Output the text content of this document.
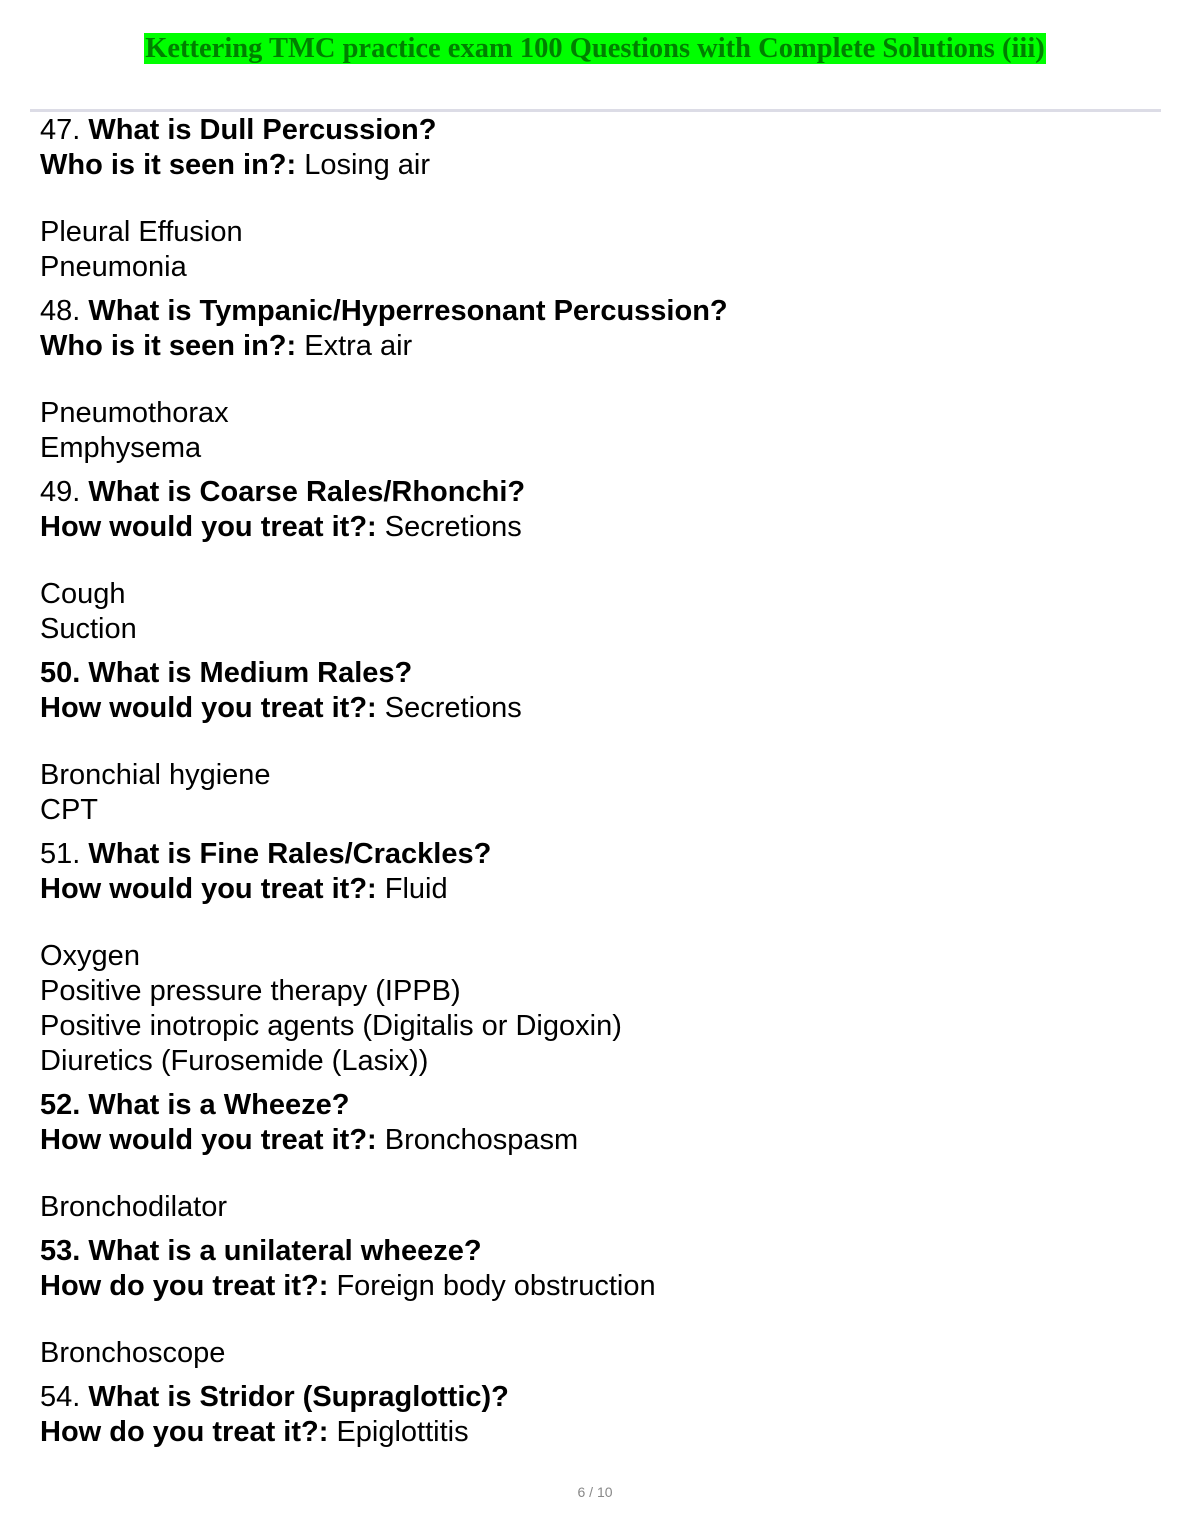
Kettering TMC practice exam 100 Questions with Complete Solutions (iii)
47. What is Dull Percussion?
Who is it seen in?: Losing air
Pleural Effusion
Pneumonia
48. What is Tympanic/Hyperresonant Percussion?
Who is it seen in?: Extra air
Pneumothorax
Emphysema
49. What is Coarse Rales/Rhonchi?
How would you treat it?: Secretions
Cough
Suction
50. What is Medium Rales?
How would you treat it?: Secretions
Bronchial hygiene
CPT
51. What is Fine Rales/Crackles?
How would you treat it?: Fluid
Oxygen
Positive pressure therapy (IPPB)
Positive inotropic agents (Digitalis or Digoxin)
Diuretics (Furosemide (Lasix))
52. What is a Wheeze?
How would you treat it?: Bronchospasm
Bronchodilator
53. What is a unilateral wheeze?
How do you treat it?: Foreign body obstruction
Bronchoscope
54. What is Stridor (Supraglottic)?
How do you treat it?: Epiglottitis
6 / 10
